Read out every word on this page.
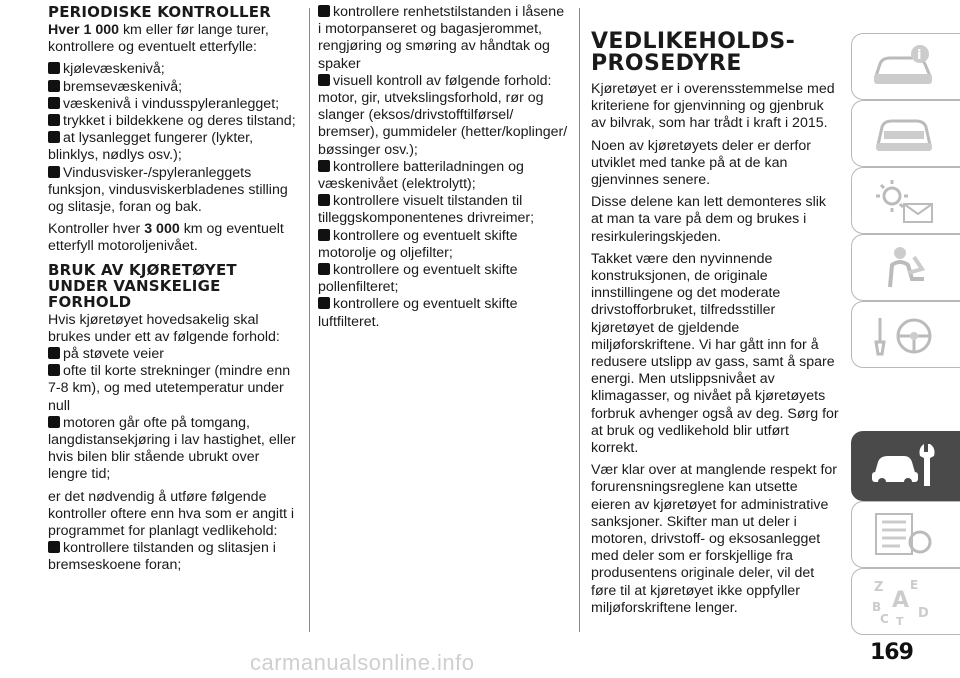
PERIODISKE KONTROLLER

Hver 1 000 km eller før lange turer, kontrollere og eventuelt etterfylle:

kjølevæskenivå;

bremsevæskenivå;

væskenivå i vindusspyleranlegget;

trykket i bildekkene og deres tilstand;

at lysanlegget fungerer (lykter, blinklys, nødlys osv.);

Vindusvisker-/spyleranleggets funksjon, vindusviskerbladenes stilling og slitasje, foran og bak.

Kontroller hver 3 000 km og eventuelt etterfyll motoroljenivået.

BRUK AV KJØRETØYET UNDER VANSKELIGE FORHOLD

Hvis kjøretøyet hovedsakelig skal brukes under ett av følgende forhold:

på støvete veier

ofte til korte strekninger (mindre enn 7-8 km), og med utetemperatur under null

motoren går ofte på tomgang, langdistansekjøring i lav hastighet, eller hvis bilen blir stående ubrukt over lengre tid;

er det nødvendig å utføre følgende kontroller oftere enn hva som er angitt i programmet for planlagt vedlikehold:

kontrollere tilstanden og slitasjen i bremseskoene foran;

kontrollere renhetstilstanden i låsene i motorpanseret og bagasjerommet, rengjøring og smøring av håndtak og spaker

visuell kontroll av følgende forhold: motor, gir, utvekslingsforhold, rør og slanger (eksos/drivstofftilførsel/ bremser), gummideler (hetter/koplinger/ bøssinger osv.);

kontrollere batteriladningen og væskenivået (elektrolytt);

kontrollere visuelt tilstanden til tilleggskomponentenes drivreimer;

kontrollere og eventuelt skifte motorolje og oljefilter;

kontrollere og eventuelt skifte pollenfilteret;

kontrollere og eventuelt skifte luftfilteret.

VEDLIKEHOLDS-
PROSEDYRE

Kjøretøyet er i overensstemmelse med kriteriene for gjenvinning og gjenbruk av bilvrak, som har trådt i kraft i 2015.

Noen av kjøretøyets deler er derfor utviklet med tanke på at de kan gjenvinnes senere.

Disse delene kan lett demonteres slik at man ta vare på dem og brukes i resirkuleringskjeden.

Takket være den nyvinnende konstruksjonen, de originale innstillingene og det moderate drivstofforbruket, tilfredsstiller kjøretøyet de gjeldende miljøforskriftene. Vi har gått inn for å redusere utslipp av gass, samt å spare energi. Men utslippsnivået av klimagasser, og nivået på kjøretøyets forbruk avhenger også av deg. Sørg for at bruk og vedlikehold blir utført korrekt.

Vær klar over at manglende respekt for forurensningsreglene kan utsette eieren av kjøretøyet for administrative sanksjoner. Skifter man ut deler i motoren, drivstoff- og eksosanlegget med deler som er forskjellige fra produsentens originale deler, vil det føre til at kjøretøyet ikke oppfyller miljøforskriftene lenger.

i
Z E
A
B
C T
D
169
carmanualsonline.info
